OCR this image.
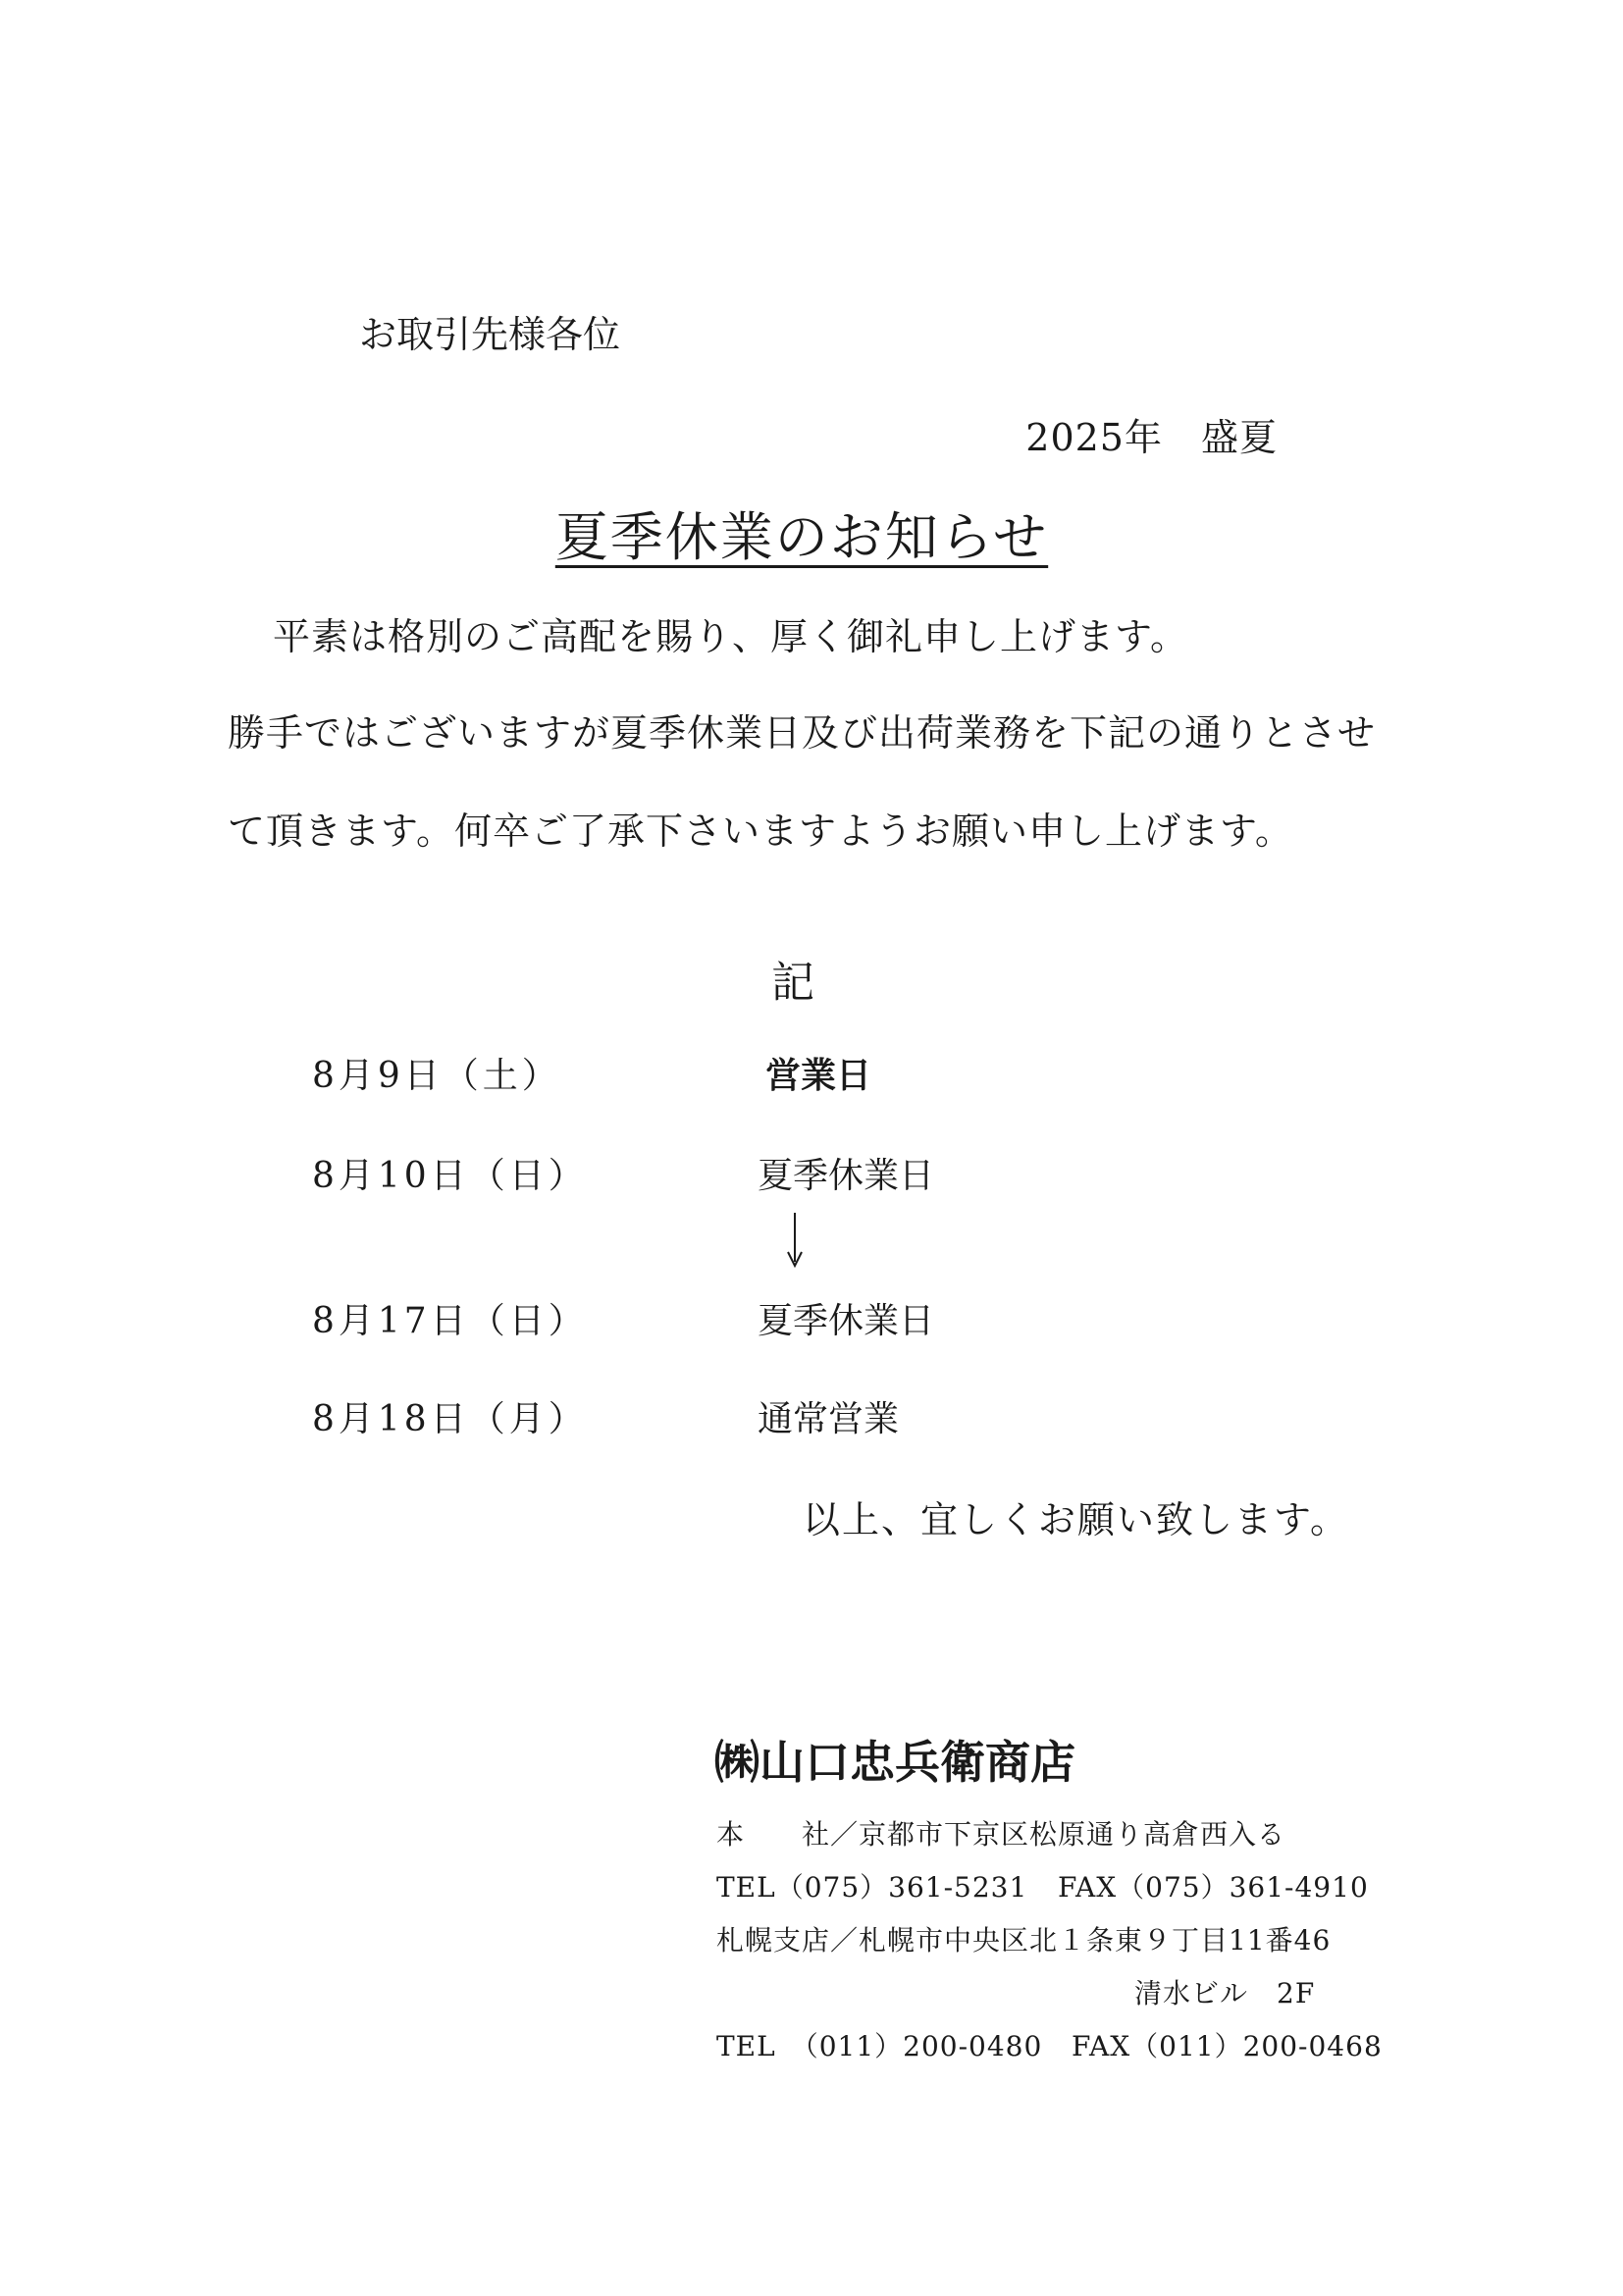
お取引先様各位
2025年　盛夏
夏季休業のお知らせ
平素は格別のご高配を賜り、厚く御礼申し上げます。
勝手ではございますが夏季休業日及び出荷業務を下記の通りとさせ
て頂きます。何卒ご了承下さいますようお願い申し上げます。
記
8月9日（土）	営業日
8月10日（日）	夏季休業日
8月17日（日）	夏季休業日
8月18日（月）	通常営業
以上、宜しくお願い致します。
㈱山口忠兵衛商店
本　　社／京都市下京区松原通り高倉西入る
TEL（075）361-5231 FAX（075）361-4910
札幌支店／札幌市中央区北１条東９丁目11番46
清水ビル　2F
TEL　（011）200-0480 FAX（011）200-0468
